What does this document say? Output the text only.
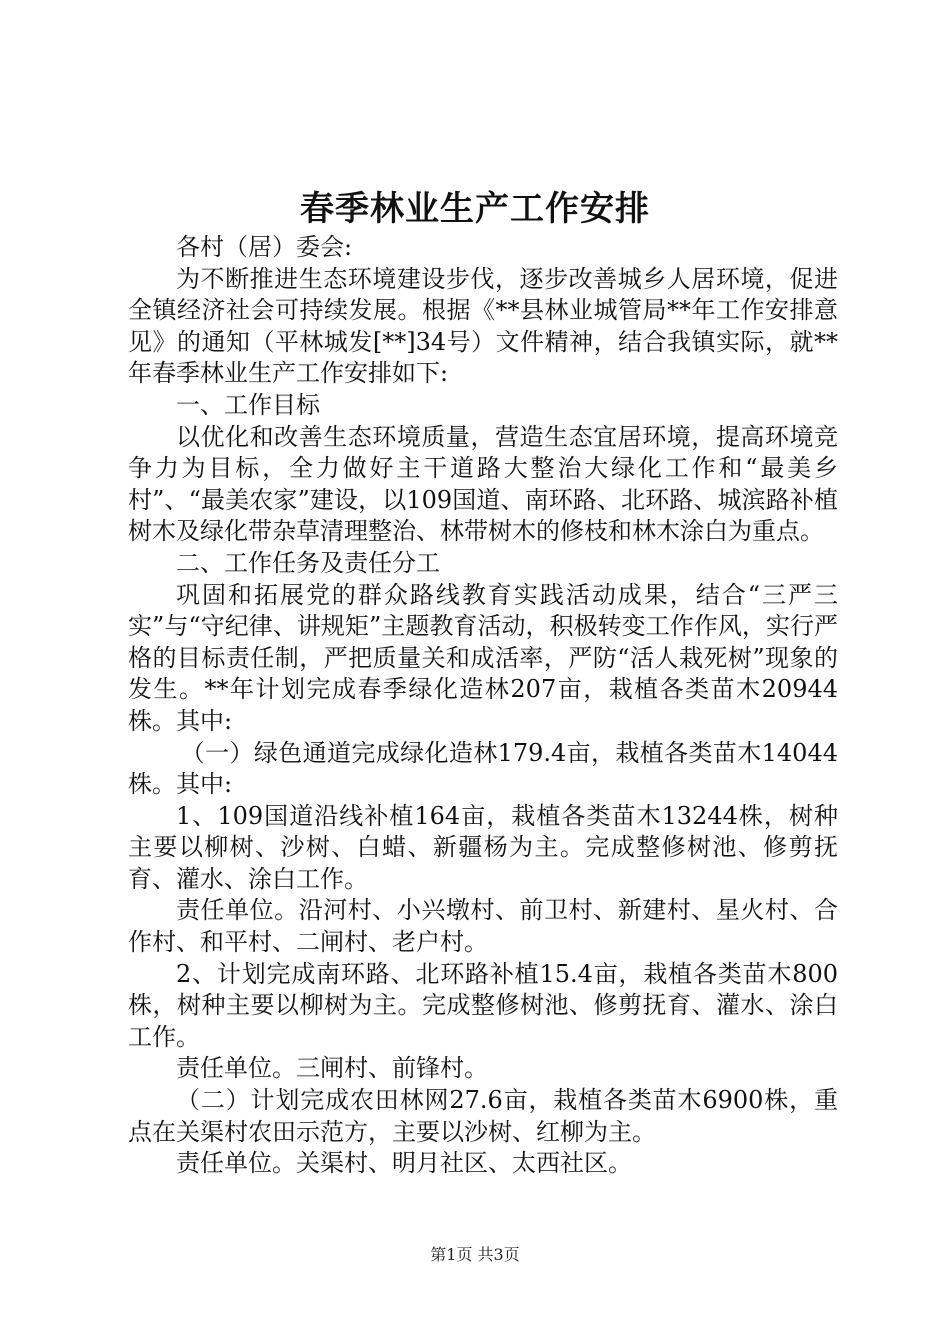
春季林业生产工作安排

各村（居）委会:

为不断推进生态环境建设步伐，逐步改善城乡人居环境，促进全镇经济社会可持续发展。根据《**县林业城管局**年工作安排意见》的通知（平林城发[**]34号）文件精神，结合我镇实际，就**年春季林业生产工作安排如下:

一、工作目标

以优化和改善生态环境质量，营造生态宜居环境，提高环境竞争力为目标，全力做好主干道路大整治大绿化工作和“最美乡村”、“最美农家”建设，以109国道、南环路、北环路、城滨路补植树木及绿化带杂草清理整治、林带树木的修枝和林木涂白为重点。

二、工作任务及责任分工

巩固和拓展党的群众路线教育实践活动成果，结合“三严三实”与“守纪律、讲规矩”主题教育活动，积极转变工作作风，实行严格的目标责任制，严把质量关和成活率，严防“活人栽死树”现象的发生。**年计划完成春季绿化造林207亩，栽植各类苗木20944株。其中:

（一）绿色通道完成绿化造林179.4亩，栽植各类苗木14044株。其中:

1、109国道沿线补植164亩，栽植各类苗木13244株，树种主要以柳树、沙树、白蜡、新疆杨为主。完成整修树池、修剪抚育、灌水、涂白工作。

责任单位。沿河村、小兴墩村、前卫村、新建村、星火村、合作村、和平村、二闸村、老户村。

2、计划完成南环路、北环路补植15.4亩，栽植各类苗木800株，树种主要以柳树为主。完成整修树池、修剪抚育、灌水、涂白工作。

责任单位。三闸村、前锋村。

（二）计划完成农田林网27.6亩，栽植各类苗木6900株，重点在关渠村农田示范方，主要以沙树、红柳为主。

责任单位。关渠村、明月社区、太西社区。

第1页 共3页
